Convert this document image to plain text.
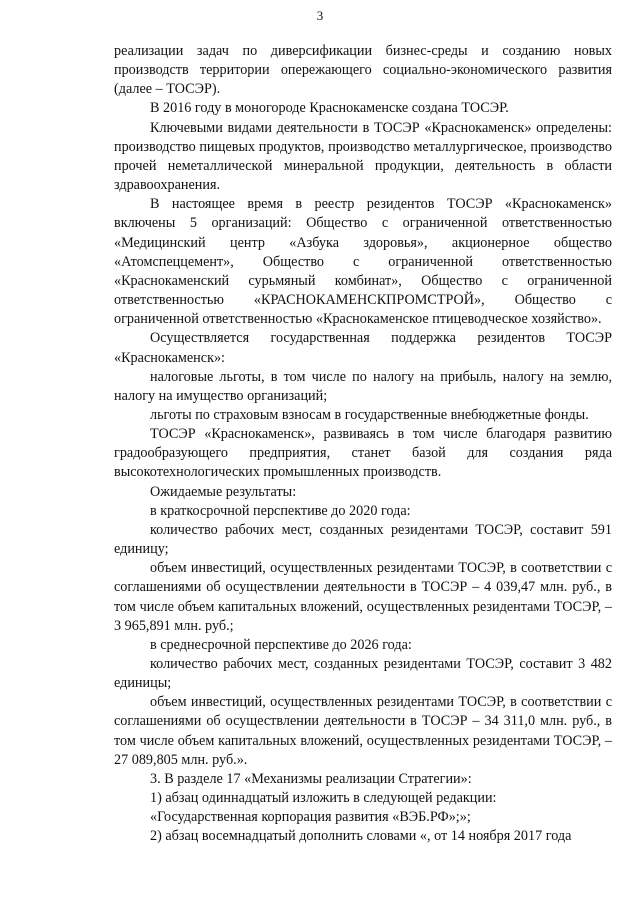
3

реализации задач по диверсификации бизнес-среды и созданию новых производств территории опережающего социально-экономического развития (далее – ТОСЭР).

В 2016 году в моногороде Краснокаменске создана ТОСЭР.

Ключевыми видами деятельности в ТОСЭР «Краснокаменск» определены: производство пищевых продуктов, производство металлургическое, производство прочей неметаллической минеральной продукции, деятельность в области здравоохранения.

В настоящее время в реестр резидентов ТОСЭР «Краснокаменск» включены 5 организаций: Общество с ограниченной ответственностью «Медицинский центр «Азбука здоровья», акционерное общество «Атомспеццемент», Общество с ограниченной ответственностью «Краснокаменский сурьмяный комбинат», Общество с ограниченной ответственностью «КРАСНОКАМЕНСКПРОМСТРОЙ», Общество с ограниченной ответственностью «Краснокаменское птицеводческое хозяйство».

Осуществляется государственная поддержка резидентов ТОСЭР «Краснокаменск»:

налоговые льготы, в том числе по налогу на прибыль, налогу на землю, налогу на имущество организаций;

льготы по страховым взносам в государственные внебюджетные фонды.

ТОСЭР «Краснокаменск», развиваясь в том числе благодаря развитию градообразующего предприятия, станет базой для создания ряда высокотехнологических промышленных производств.

Ожидаемые результаты:

в краткосрочной перспективе до 2020 года:

количество рабочих мест, созданных резидентами ТОСЭР, составит 591 единицу;

объем инвестиций, осуществленных резидентами ТОСЭР, в соответствии с соглашениями об осуществлении деятельности в ТОСЭР – 4 039,47 млн. руб., в том числе объем капитальных вложений, осуществленных резидентами ТОСЭР, – 3 965,891 млн. руб.;

в среднесрочной перспективе до 2026 года:

количество рабочих мест, созданных резидентами ТОСЭР, составит 3 482 единицы;

объем инвестиций, осуществленных резидентами ТОСЭР, в соответствии с соглашениями об осуществлении деятельности в ТОСЭР – 34 311,0 млн. руб., в том числе объем капитальных вложений, осуществленных резидентами ТОСЭР, – 27 089,805 млн. руб.».

3. В разделе 17 «Механизмы реализации Стратегии»:

1) абзац одиннадцатый изложить в следующей редакции:

«Государственная корпорация развития «ВЭБ.РФ»;»;

2) абзац восемнадцатый дополнить словами «, от 14 ноября 2017 года
